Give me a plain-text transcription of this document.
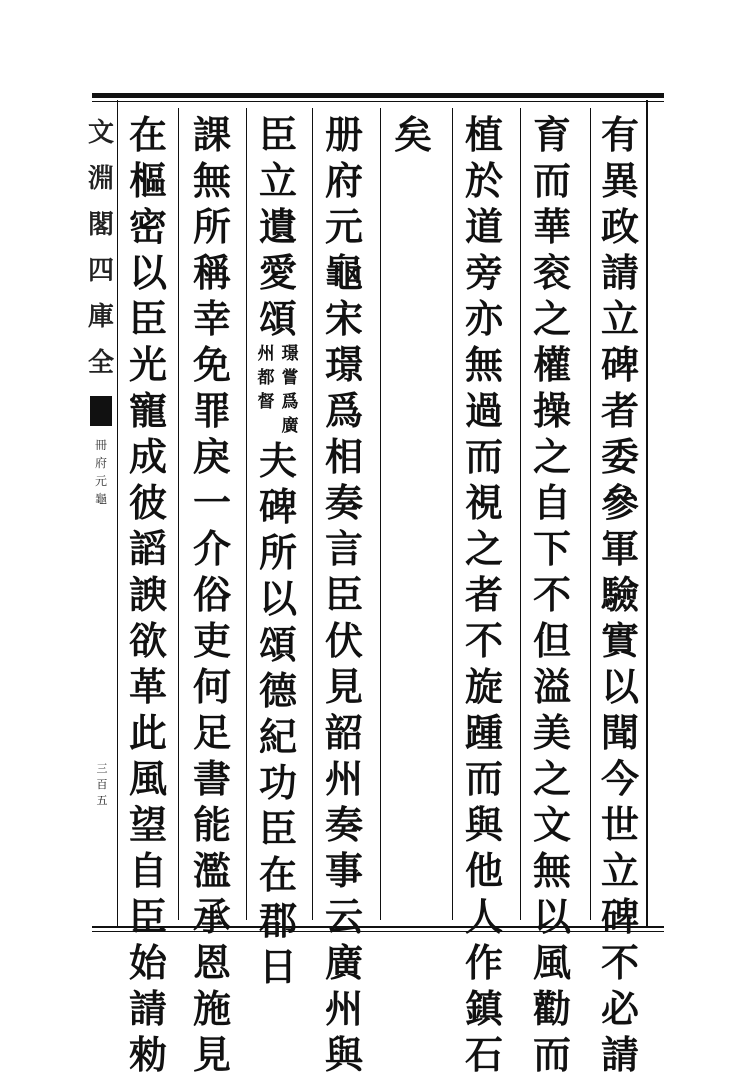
文
淵
閣
四
庫
全
冊
府
元
龜
三
百
五
有
異
政
請
立
碑
者
委
參
軍
驗
實
以
聞
今
世
立
碑
不
必
請
育
而
華
衮
之
權
操
之
自
下
不
但
溢
美
之
文
無
以
風
勸
而
植
於
道
旁
亦
無
過
而
視
之
者
不
旋
踵
而
與
他
人
作
鎮
石
矣
册
府
元
龜
宋
璟
爲
相
奏
言
臣
伏
見
韶
州
奏
事
云
廣
州
與
臣
立
遺
愛
頌
州
都
督
璟
嘗
爲
廣
夫
碑
所
以
頌
德
紀
功
臣
在
郡
日
課
無
所
稱
幸
免
罪
戾
一
介
俗
吏
何
足
書
能
濫
承
恩
施
見
在
樞
密
以
臣
光
寵
成
彼
謟
諛
欲
革
此
風
望
自
臣
始
請
勑
